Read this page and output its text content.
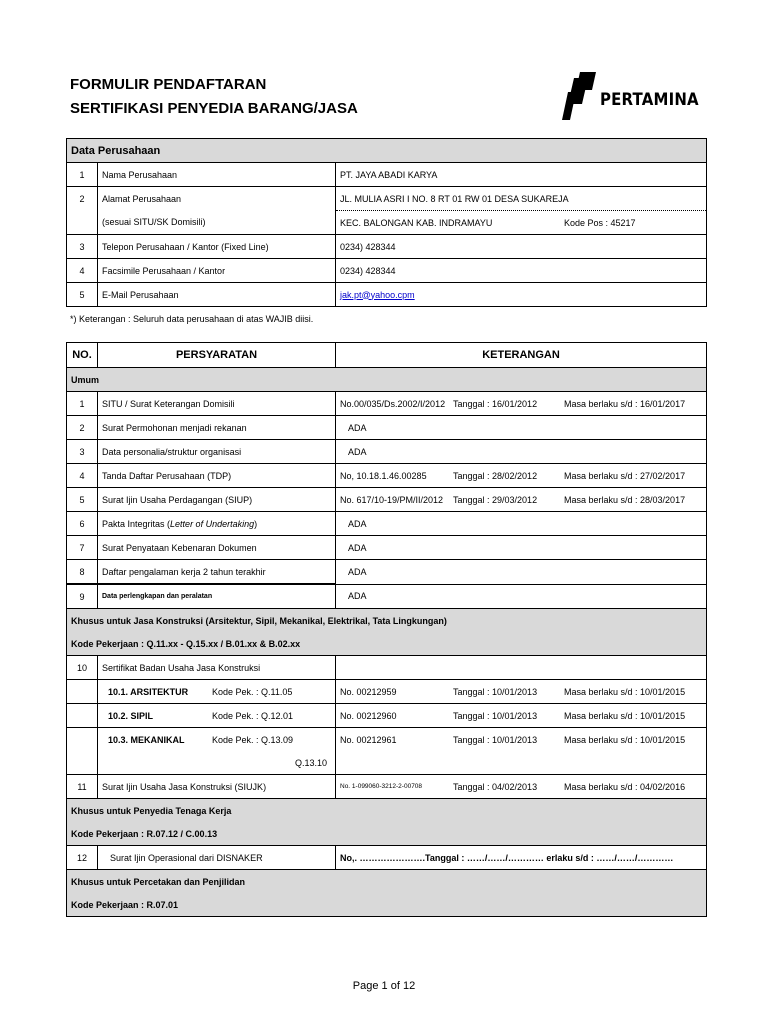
FORMULIR PENDAFTARAN
SERTIFIKASI PENYEDIA BARANG/JASA	PERTAMINA
Data Perusahaan		
1	Nama Perusahaan	PT. JAYA ABADI KARYA
2	Alamat Perusahaan	JL. MULIA ASRI I NO. 8 RT 01 RW 01 DESA SUKAREJA
	(sesuai SITU/SK Domisili)	KEC. BALONGAN KAB. INDRAMAYU Kode Pos : 45217

3	Telepon Perusahaan / Kantor (Fixed Line)	0234) 428344
4	Facsimile Perusahaan / Kantor	0234) 428344
5	E-Mail Perusahaan	jak.pt@yahoo.cpm
*) Keterangan : Seluruh data perusahaan di atas WAJIB diisi.
NO.	PERSYARATAN	KETERANGAN
Umum		
1	SITU / Surat Keterangan Domisili	No.00/035/Ds.2002/I/2012 Tanggal : 16/01/2012 Masa berlaku s/d : 16/01/2017

2	Surat Permohonan menjadi rekanan	ADA
3	Data personalia/struktur organisasi	ADA
4	Tanda Daftar Perusahaan (TDP)	No, 10.18.1.46.00285 Tanggal : 28/02/2012 Masa berlaku s/d : 27/02/2017

5	Surat Ijin Usaha Perdagangan (SIUP)	No. 617/10-19/PM/II/2012 Tanggal : 29/03/2012 Masa berlaku s/d : 28/03/2017

6	Pakta Integritas (Letter of Undertaking)	ADA
7	Surat Penyataan Kebenaran Dokumen	ADA
8	Daftar pengalaman kerja 2 tahun terakhir	ADA
9	Data perlengkapan dan peralatan	ADA
Khusus untuk Jasa Konstruksi (Arsitektur, Sipil, Mekanikal, Elektrikal, Tata Lingkungan)		
Kode Pekerjaan : Q.11.xx - Q.15.xx / B.01.xx & B.02.xx		
10	Sertifikat Badan Usaha Jasa Konstruksi	

	10.1. ARSITEKTUR Kode Pek. : Q.11.05	No. 00212959 Tanggal : 10/01/2013 Masa berlaku s/d : 10/01/2015

	10.2. SIPIL Kode Pek. : Q.12.01	No. 00212960 Tanggal : 10/01/2013 Masa berlaku s/d : 10/01/2015

	10.3. MEKANIKAL Kode Pek. : Q.13.09	No. 00212961 Tanggal : 10/01/2013 Masa berlaku s/d : 10/01/2015

	Q.13.10	
11	Surat Ijin Usaha Jasa Konstruksi (SIUJK)	No. 1-099060-3212-2-00708 Tanggal : 04/02/2013 Masa berlaku s/d : 04/02/2016

Khusus untuk Penyedia Tenaga Kerja		
Kode Pekerjaan : R.07.12 / C.00.13		
12	Surat Ijin Operasional dari DISNAKER	No,. ………………….Tanggal : ……/……/………… erlaku s/d : ……/……/…………
Khusus untuk Percetakan dan Penjilidan		
Kode Pekerjaan : R.07.01		
Page 1 of 12
